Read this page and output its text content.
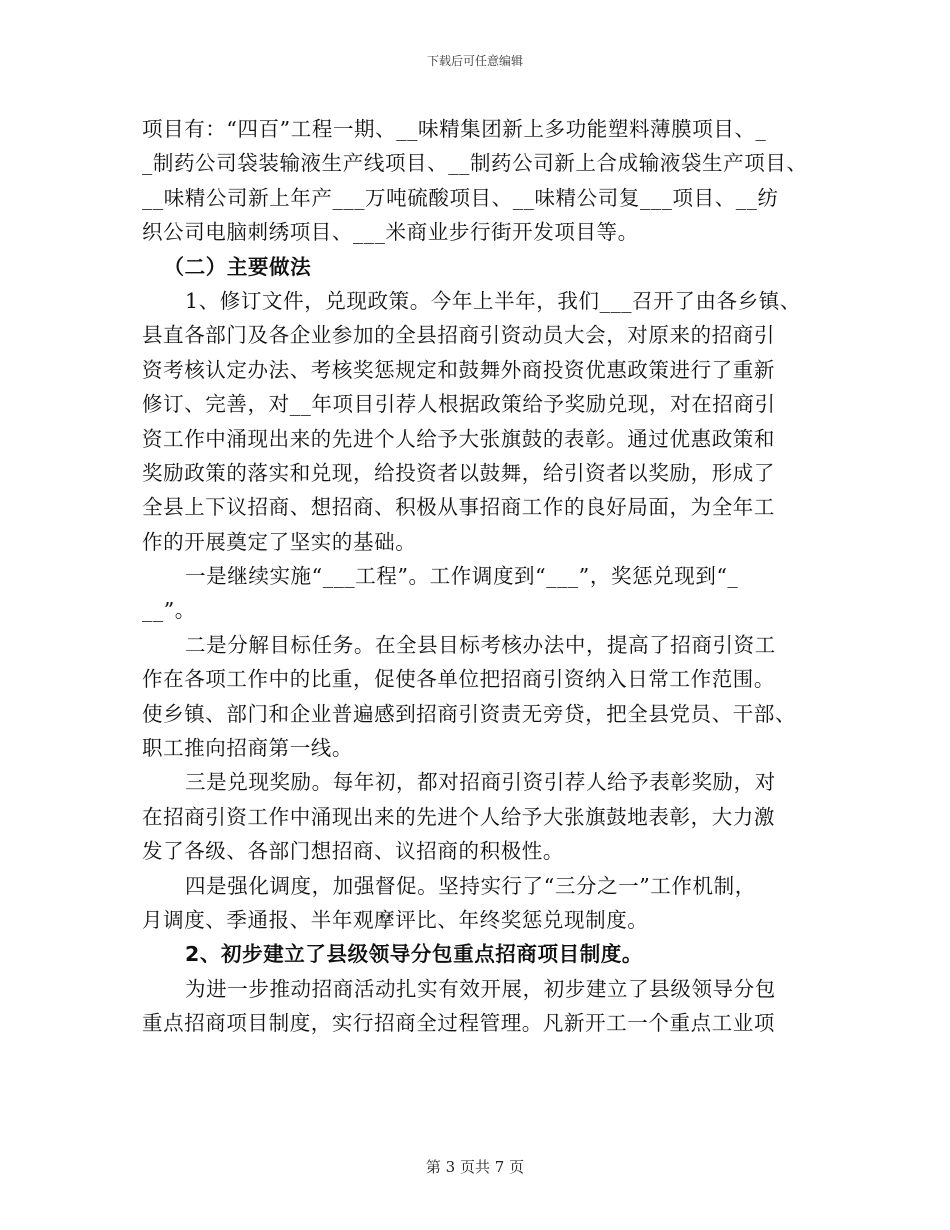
下载后可任意编辑
项目有：“四百”工程一期、__味精集团新上多功能塑料薄膜项目、_
_制药公司袋装输液生产线项目、__制药公司新上合成输液袋生产项目、
__味精公司新上年产___万吨硫酸项目、__味精公司复___项目、__纺
织公司电脑刺绣项目、___米商业步行街开发项目等。
（二）主要做法
1、修订文件，兑现政策。今年上半年，我们___召开了由各乡镇、
县直各部门及各企业参加的全县招商引资动员大会，对原来的招商引
资考核认定办法、考核奖惩规定和鼓舞外商投资优惠政策进行了重新
修订、完善，对__年项目引荐人根据政策给予奖励兑现，对在招商引
资工作中涌现出来的先进个人给予大张旗鼓的表彰。通过优惠政策和
奖励政策的落实和兑现，给投资者以鼓舞，给引资者以奖励，形成了
全县上下议招商、想招商、积极从事招商工作的良好局面，为全年工
作的开展奠定了坚实的基础。
一是继续实施“___工程”。工作调度到“___”，奖惩兑现到“_
__”。
二是分解目标任务。在全县目标考核办法中，提高了招商引资工
作在各项工作中的比重，促使各单位把招商引资纳入日常工作范围。
使乡镇、部门和企业普遍感到招商引资责无旁贷，把全县党员、干部、
职工推向招商第一线。
三是兑现奖励。每年初，都对招商引资引荐人给予表彰奖励，对
在招商引资工作中涌现出来的先进个人给予大张旗鼓地表彰，大力激
发了各级、各部门想招商、议招商的积极性。
四是强化调度，加强督促。坚持实行了“三分之一”工作机制，
月调度、季通报、半年观摩评比、年终奖惩兑现制度。
2、初步建立了县级领导分包重点招商项目制度。
为进一步推动招商活动扎实有效开展，初步建立了县级领导分包
重点招商项目制度，实行招商全过程管理。凡新开工一个重点工业项
第 3 页共 7 页
